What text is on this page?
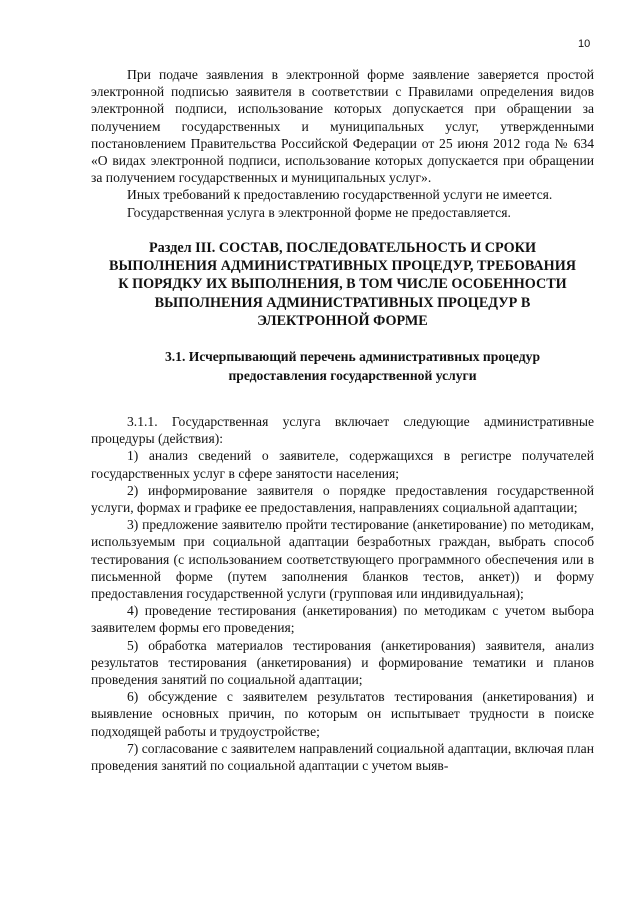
10

При подаче заявления в электронной форме заявление заверяется простой электронной подписью заявителя в соответствии с Правилами определения видов электронной подписи, использование которых допускается при обращении за получением государственных и муниципальных услуг, утвержденными постановлением Правительства Российской Федерации от 25 июня 2012 года № 634 «О видах электронной подписи, использование которых допускается при обращении за получением государственных и муниципальных услуг».

Иных требований к предоставлению государственной услуги не имеется.

Государственная услуга в электронной форме не предоставляется.

Раздел III. СОСТАВ, ПОСЛЕДОВАТЕЛЬНОСТЬ И СРОКИ
ВЫПОЛНЕНИЯ АДМИНИСТРАТИВНЫХ ПРОЦЕДУР, ТРЕБОВАНИЯ
К ПОРЯДКУ ИХ ВЫПОЛНЕНИЯ, В ТОМ ЧИСЛЕ ОСОБЕННОСТИ
ВЫПОЛНЕНИЯ АДМИНИСТРАТИВНЫХ ПРОЦЕДУР В
ЭЛЕКТРОННОЙ ФОРМЕ
3.1. Исчерпывающий перечень административных процедур
предоставления государственной услуги

3.1.1. Государственная услуга включает следующие административные процедуры (действия):

1) анализ сведений о заявителе, содержащихся в регистре получателей государственных услуг в сфере занятости населения;

2) информирование заявителя о порядке предоставления государственной услуги, формах и графике ее предоставления, направлениях социальной адаптации;

3) предложение заявителю пройти тестирование (анкетирование) по методикам, используемым при социальной адаптации безработных граждан, выбрать способ тестирования (с использованием соответствующего программного обеспечения или в письменной форме (путем заполнения бланков тестов, анкет)) и форму предоставления государственной услуги (групповая или индивидуальная);

4) проведение тестирования (анкетирования) по методикам с учетом выбора заявителем формы его проведения;

5) обработка материалов тестирования (анкетирования) заявителя, анализ результатов тестирования (анкетирования) и формирование тематики и планов проведения занятий по социальной адаптации;

6) обсуждение с заявителем результатов тестирования (анкетирования) и выявление основных причин, по которым он испытывает трудности в поиске подходящей работы и трудоустройстве;

7) согласование с заявителем направлений социальной адаптации, включая план проведения занятий по социальной адаптации с учетом выяв-
